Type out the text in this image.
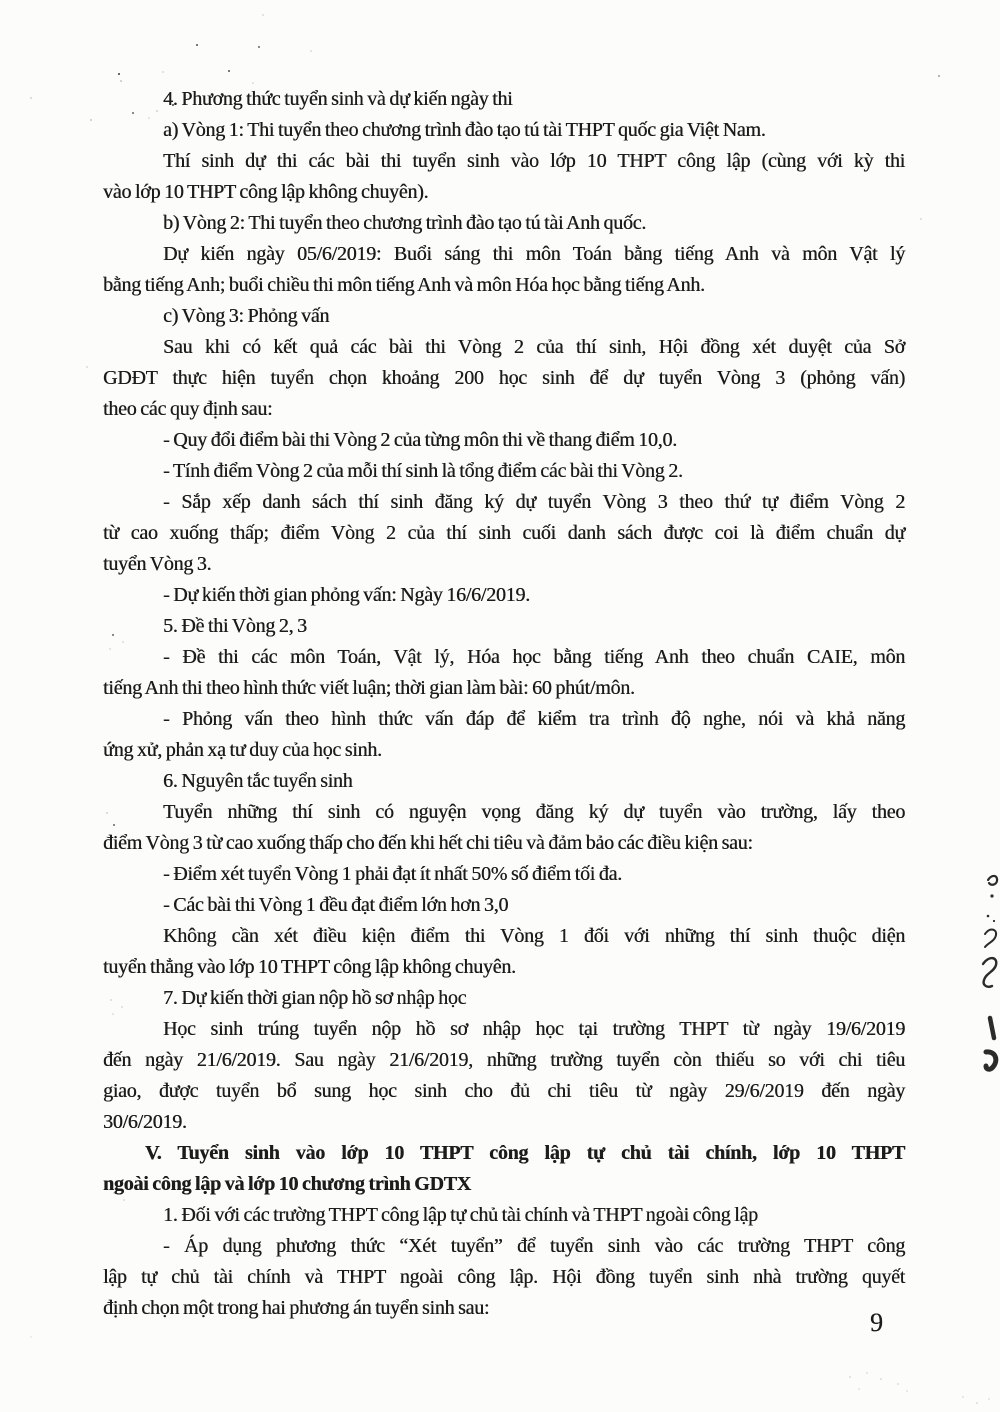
4. Phương thức tuyển sinh và dự kiến ngày thi
a) Vòng 1: Thi tuyển theo chương trình đào tạo tú tài THPT quốc gia Việt Nam.
Thí sinh dự thi các bài thi tuyển sinh vào lớp 10 THPT công lập (cùng với kỳ thi
vào lớp 10 THPT công lập không chuyên).
b) Vòng 2: Thi tuyển theo chương trình đào tạo tú tài Anh quốc.
Dự kiến ngày 05/6/2019: Buổi sáng thi môn Toán bằng tiếng Anh và môn Vật lý
bằng tiếng Anh; buổi chiều thi môn tiếng Anh và môn Hóa học bằng tiếng Anh.
c) Vòng 3: Phỏng vấn
Sau khi có kết quả các bài thi Vòng 2 của thí sinh, Hội đồng xét duyệt của Sở
GDĐT thực hiện tuyển chọn khoảng 200 học sinh để dự tuyển Vòng 3 (phỏng vấn)
theo các quy định sau:
- Quy đổi điểm bài thi Vòng 2 của từng môn thi về thang điểm 10,0.
- Tính điểm Vòng 2 của mỗi thí sinh là tổng điểm các bài thi Vòng 2.
- Sắp xếp danh sách thí sinh đăng ký dự tuyển Vòng 3 theo thứ tự điểm Vòng 2
từ cao xuống thấp; điểm Vòng 2 của thí sinh cuối danh sách được coi là điểm chuẩn dự
tuyển Vòng 3.
- Dự kiến thời gian phỏng vấn: Ngày 16/6/2019.
5. Đề thi Vòng 2, 3
- Đề thi các môn Toán, Vật lý, Hóa học bằng tiếng Anh theo chuẩn CAIE, môn
tiếng Anh thi theo hình thức viết luận; thời gian làm bài: 60 phút/môn.
- Phỏng vấn theo hình thức vấn đáp để kiểm tra trình độ nghe, nói và khả năng
ứng xử, phản xạ tư duy của học sinh.
6. Nguyên tắc tuyển sinh
Tuyển những thí sinh có nguyện vọng đăng ký dự tuyển vào trường, lấy theo
điểm Vòng 3 từ cao xuống thấp cho đến khi hết chi tiêu và đảm bảo các điều kiện sau:
- Điểm xét tuyển Vòng 1 phải đạt ít nhất 50% số điểm tối đa.
- Các bài thi Vòng 1 đều đạt điểm lớn hơn 3,0
Không cần xét điều kiện điểm thi Vòng 1 đối với những thí sinh thuộc diện
tuyển thẳng vào lớp 10 THPT công lập không chuyên.
7. Dự kiến thời gian nộp hồ sơ nhập học
Học sinh trúng tuyển nộp hồ sơ nhập học tại trường THPT từ ngày 19/6/2019
đến ngày 21/6/2019. Sau ngày 21/6/2019, những trường tuyển còn thiếu so với chi tiêu
giao, được tuyển bổ sung học sinh cho đủ chi tiêu từ ngày 29/6/2019 đến ngày
30/6/2019.
V. Tuyển sinh vào lớp 10 THPT công lập tự chủ tài chính, lớp 10 THPT
ngoài công lập và lớp 10 chương trình GDTX
1. Đối với các trường THPT công lập tự chủ tài chính và THPT ngoài công lập
- Áp dụng phương thức “Xét tuyển” để tuyển sinh vào các trường THPT công
lập tự chủ tài chính và THPT ngoài công lập. Hội đồng tuyển sinh nhà trường quyết
định chọn một trong hai phương án tuyển sinh sau:	9
